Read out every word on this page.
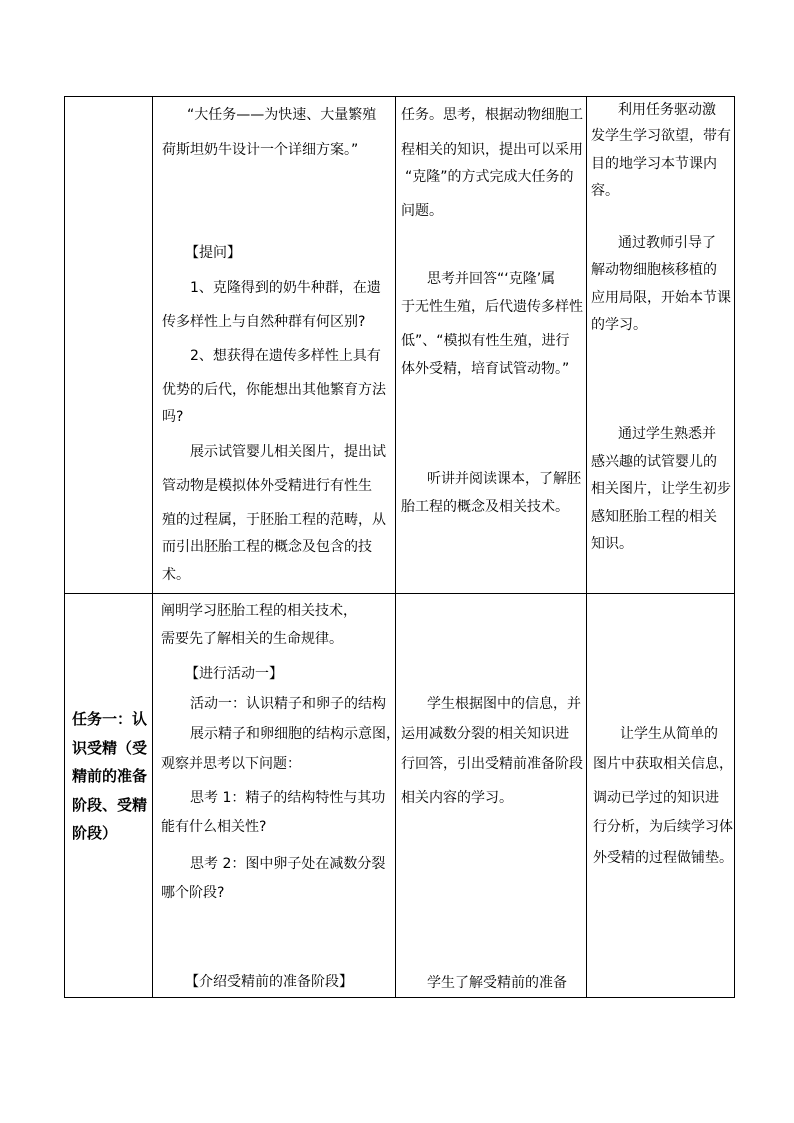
“大任务——为快速、大量繁殖
荷斯坦奶牛设计一个详细方案。”
【提问】
1、克隆得到的奶牛种群，在遗
传多样性上与自然种群有何区别?
2、想获得在遗传多样性上具有
优势的后代，你能想出其他繁育方法
吗?
展示试管婴儿相关图片，提出试
管动物是模拟体外受精进行有性生
殖的过程属，于胚胎工程的范畴，从
而引出胚胎工程的概念及包含的技
术。
任务。思考，根据动物细胞工
程相关的知识，提出可以采用
“克隆”的方式完成大任务的
问题。
思考并回答“‘克隆’属
于无性生殖，后代遗传多样性
低”、“模拟有性生殖，进行
体外受精，培育试管动物。”
听讲并阅读课本，了解胚
胎工程的概念及相关技术。
利用任务驱动激
发学生学习欲望，带有
目的地学习本节课内
容。
通过教师引导了
解动物细胞核移植的
应用局限，开始本节课
的学习。
通过学生熟悉并
感兴趣的试管婴儿的
相关图片，让学生初步
感知胚胎工程的相关
知识。
任务一：认
识受精（受
精前的准备
阶段、受精
阶段）
阐明学习胚胎工程的相关技术，
需要先了解相关的生命规律。
【进行活动一】
活动一：认识精子和卵子的结构
展示精子和卵细胞的结构示意图，
观察并思考以下问题：
思考 1：精子的结构特性与其功
能有什么相关性?
思考 2：图中卵子处在减数分裂
哪个阶段?
【介绍受精前的准备阶段】
学生根据图中的信息，并
运用减数分裂的相关知识进
行回答，引出受精前准备阶段
相关内容的学习。
学生了解受精前的准备
让学生从简单的
图片中获取相关信息，
调动已学过的知识进
行分析，为后续学习体
外受精的过程做铺垫。
